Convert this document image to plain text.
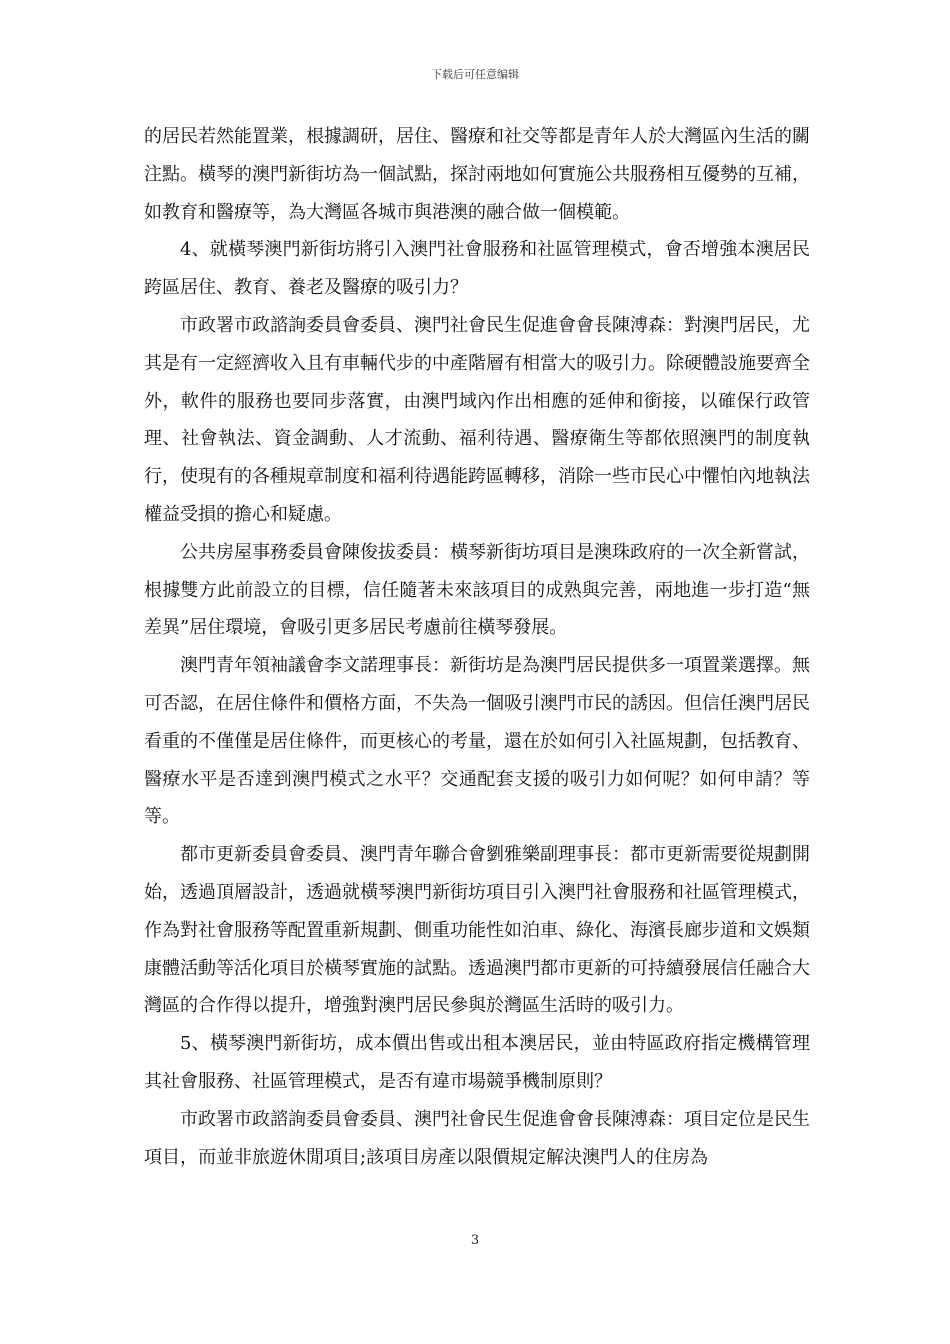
下载后可任意编辑

的居民若然能置業，根據調研，居住、醫療和社交等都是青年人於大灣區內生活的關注點。橫琴的澳門新街坊為一個試點，探討兩地如何實施公共服務相互優勢的互補，如教育和醫療等，為大灣區各城市與港澳的融合做一個模範。

4、就橫琴澳門新街坊將引入澳門社會服務和社區管理模式，會否增強本澳居民跨區居住、教育、養老及醫療的吸引力？

市政署市政諮詢委員會委員、澳門社會民生促進會會長陳溥森：對澳門居民，尤其是有一定經濟收入且有車輛代步的中產階層有相當大的吸引力。除硬體設施要齊全外，軟件的服務也要同步落實，由澳門域內作出相應的延伸和銜接，以確保行政管理、社會執法、資金調動、人才流動、福利待遇、醫療衛生等都依照澳門的制度執行，使現有的各種規章制度和福利待遇能跨區轉移，消除一些市民心中懼怕內地執法權益受損的擔心和疑慮。

公共房屋事務委員會陳俊拔委員：橫琴新街坊項目是澳珠政府的一次全新嘗試，根據雙方此前設立的目標，信任隨著未來該項目的成熟與完善，兩地進一步打造“無差異”居住環境，會吸引更多居民考慮前往橫琴發展。

澳門青年領袖議會李文諾理事長：新街坊是為澳門居民提供多一項置業選擇。無可否認，在居住條件和價格方面，不失為一個吸引澳門市民的誘因。但信任澳門居民看重的不僅僅是居住條件，而更核心的考量，還在於如何引入社區規劃，包括教育、醫療水平是否達到澳門模式之水平？交通配套支援的吸引力如何呢？如何申請？等等。

都市更新委員會委員、澳門青年聯合會劉雅樂副理事長：都市更新需要從規劃開始，透過頂層設計，透過就橫琴澳門新街坊項目引入澳門社會服務和社區管理模式，作為對社會服務等配置重新規劃、側重功能性如泊車、綠化、海濱長廊步道和文娛類康體活動等活化項目於橫琴實施的試點。透過澳門都市更新的可持續發展信任融合大灣區的合作得以提升，增強對澳門居民參與於灣區生活時的吸引力。

5、橫琴澳門新街坊，成本價出售或出租本澳居民，並由特區政府指定機構管理其社會服務、社區管理模式，是否有違市場競爭機制原則？

市政署市政諮詢委員會委員、澳門社會民生促進會會長陳溥森：項目定位是民生項目，而並非旅遊休閒項目;該項目房產以限價規定解決澳門人的住房為

3
